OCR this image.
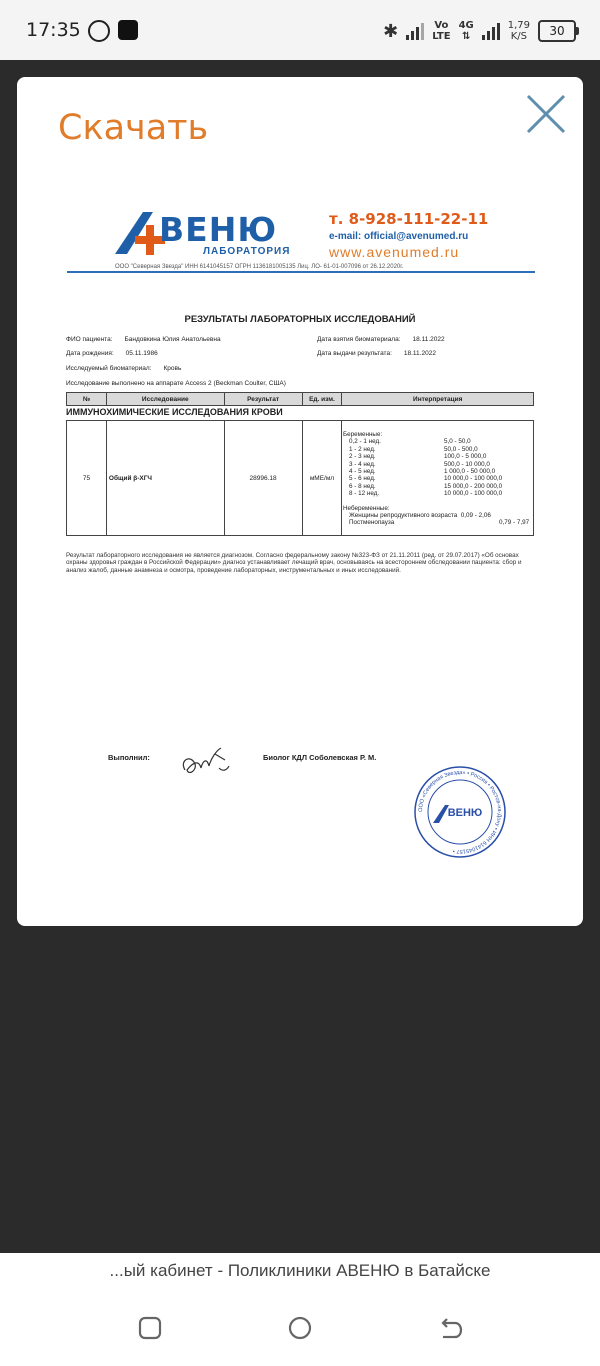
17:35	✱	Vo
LTE
4G
⇅
1,79
K/S	30
Скачать
ВЕНЮ
ЛАБОРАТОРИЯ
т. 8-928-111-22-11
e-mail: official@avenumed.ru
www.avenumed.ru
ООО "Северная Звезда" ИНН 6141045157 ОГРН 1136181005135 Лиц. ЛО- 61-01-007096 от 26.12.2020г.
РЕЗУЛЬТАТЫ ЛАБОРАТОРНЫХ ИССЛЕДОВАНИЙ
ФИО пациента: Бандовкина Юлия Анатольевна	Дата взятия биоматериала: 18.11.2022
Дата рождения: 05.11.1986	Дата выдачи результата: 18.11.2022
Исследуемый биоматериал: Кровь
Исследование выполнено на аппарате Access 2 (Beckman Coulter, США)
№	Исследование	Результат	Ед. изм.	Интерпретация

75	Общий β-ХГЧ	28996.18	мМЕ/мл	
ИММУНОХИМИЧЕСКИЕ ИССЛЕДОВАНИЯ КРОВИ
Беременные:
0,2 - 1 нед.	5,0 - 50,0
1 - 2 нед.	50,0 - 500,0
2 - 3 нед.	100,0 - 5 000,0
3 - 4 нед.	500,0 - 10 000,0
4 - 5 нед.	1 000,0 - 50 000,0
5 - 6 нед.	10 000,0 - 100 000,0
6 - 8 нед.	15 000,0 - 200 000,0
8 - 12 нед.	10 000,0 - 100 000,0
Небеременные:
Женщины репродуктивного возраста 0,09 - 2,06
Постменопауза	0,79 - 7,97
Результат лабораторного исследования не является диагнозом. Согласно федеральному закону №323-ФЗ от 21.11.2011 (ред. от 29.07.2017) «Об основах охраны здоровья граждан в Российской Федерации» диагноз устанавливает лечащий врач, основываясь на всестороннем обследовании пациента: сбор и анализ жалоб, данные анамнеза и осмотра, проведение лабораторных, инструментальных и иных исследований.
Выполнил:	Биолог КДЛ Соболевская Р. М.
ООО «Северная Звезда» • Россия • Ростов-на-Дону • ИНН 6141045157 •
ВЕНЮ
...ый кабинет - Поликлиники АВЕНЮ в Батайске
